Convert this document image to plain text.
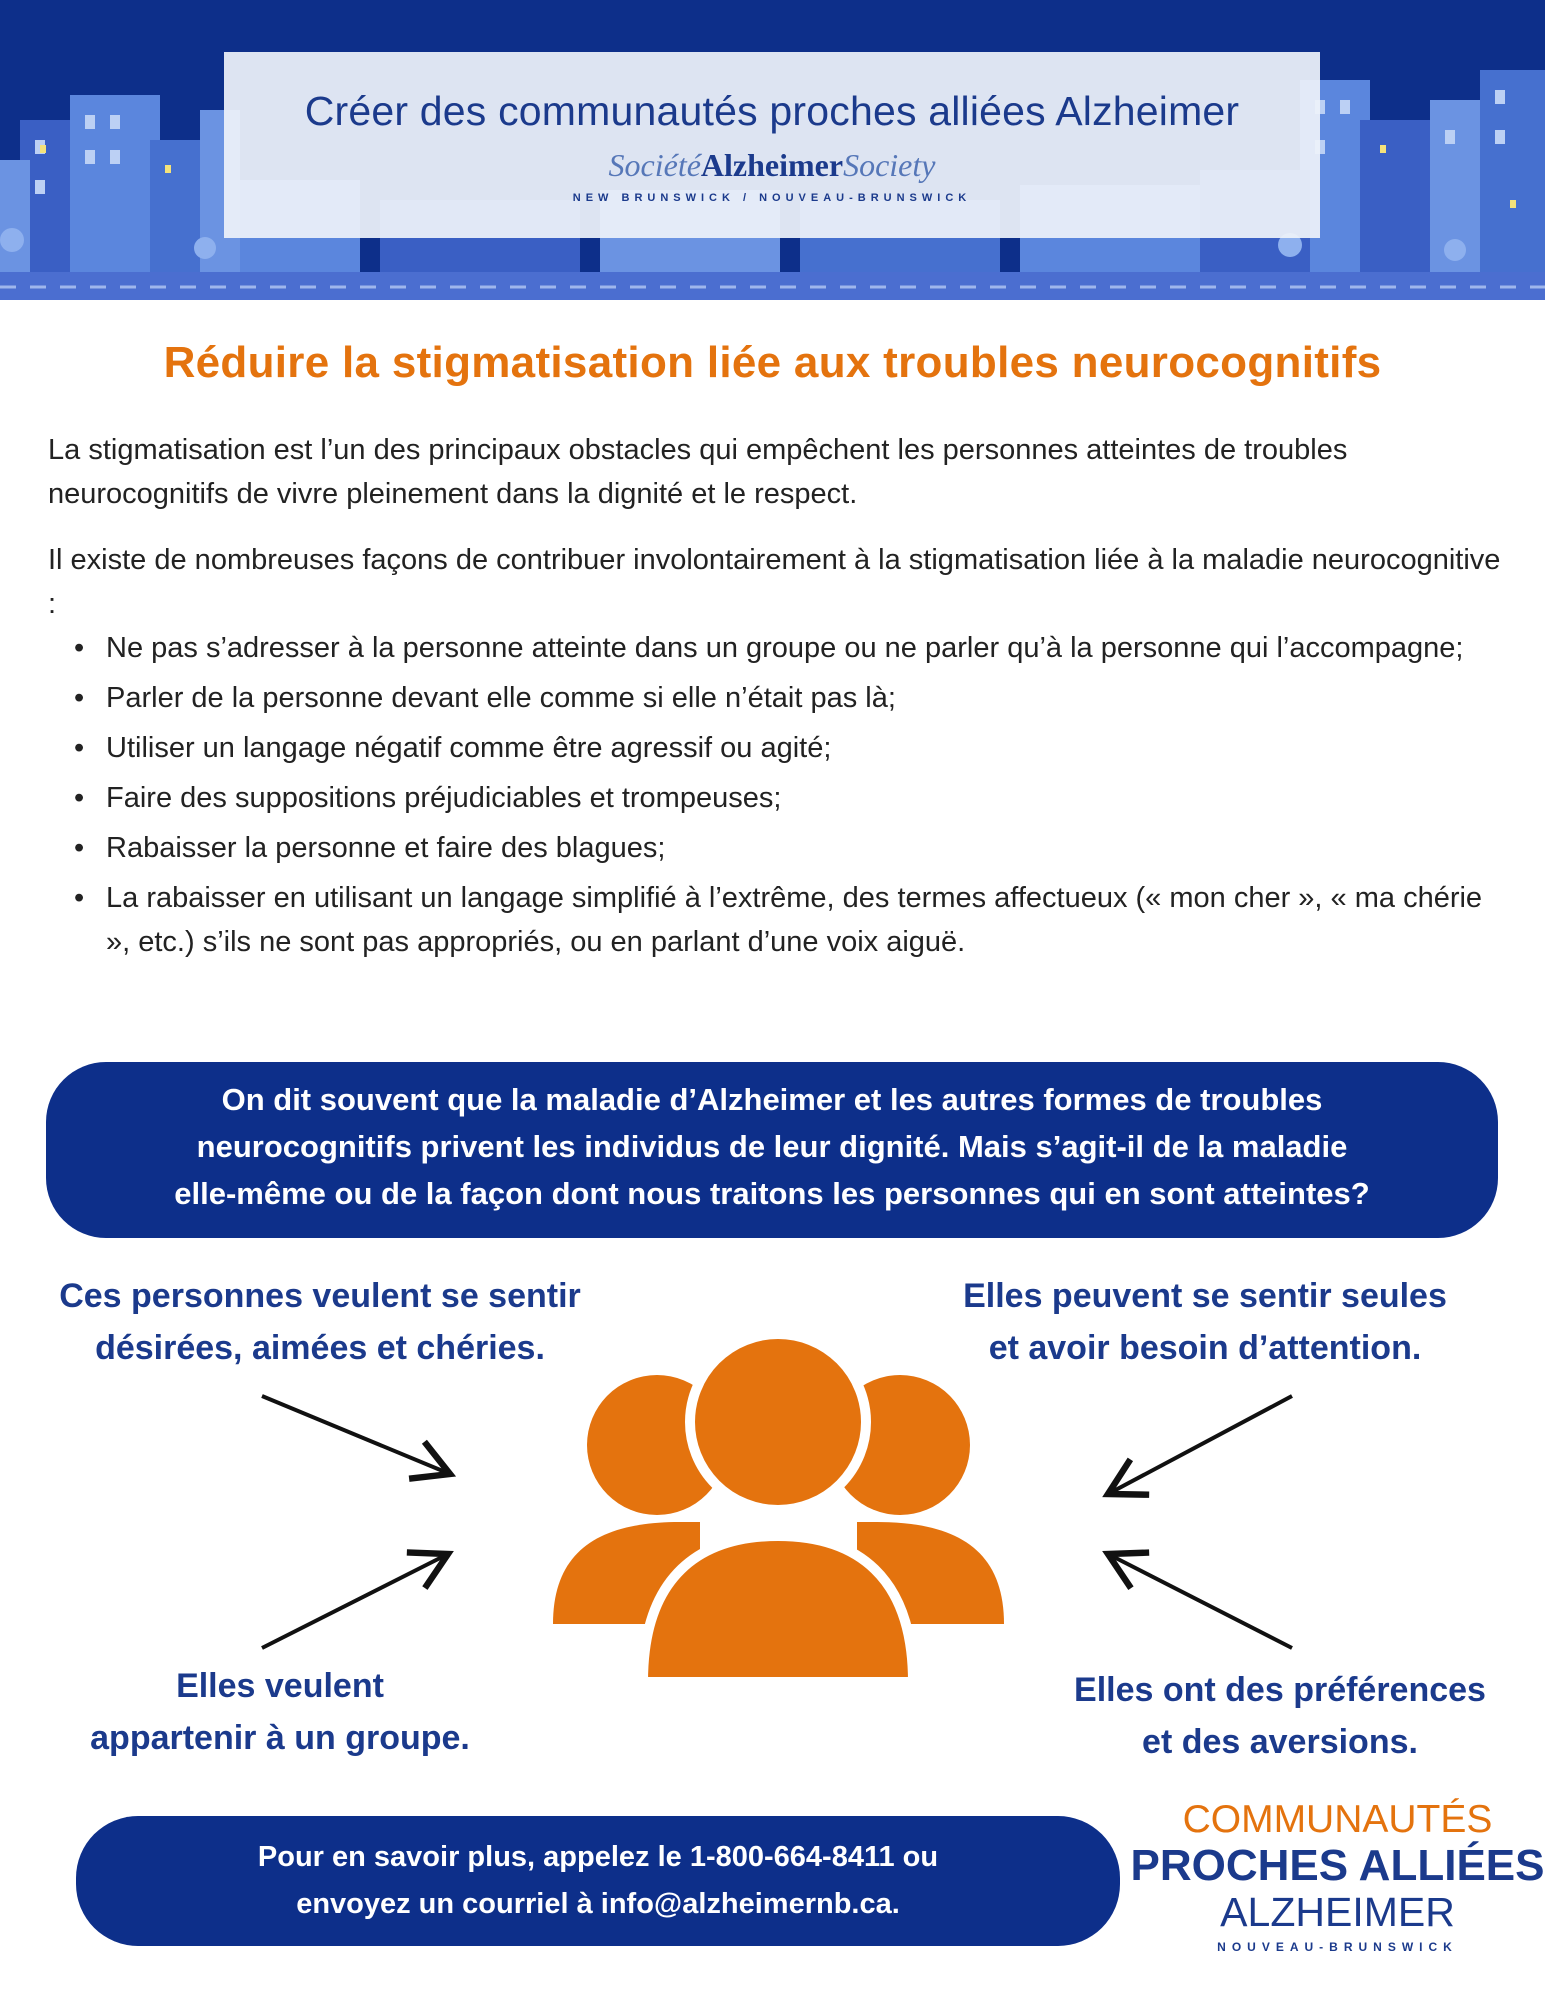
Créer des communautés proches alliées Alzheimer
SociétéAlzheimerSociety
NEW BRUNSWICK / NOUVEAU-BRUNSWICK
Réduire la stigmatisation liée aux troubles neurocognitifs

La stigmatisation est l’un des principaux obstacles qui empêchent les personnes atteintes de troubles neurocognitifs de vivre pleinement dans la dignité et le respect.

Il existe de nombreuses façons de contribuer involontairement à la stigmatisation liée à la maladie neurocognitive :

• Ne pas s’adresser à la personne atteinte dans un groupe ou ne parler qu’à la personne qui l’accompagne;
• Parler de la personne devant elle comme si elle n’était pas là;
• Utiliser un langage négatif comme être agressif ou agité;
• Faire des suppositions préjudiciables et trompeuses;
• Rabaisser la personne et faire des blagues;
• La rabaisser en utilisant un langage simplifié à l’extrême, des termes affectueux (« mon cher », « ma chérie », etc.) s’ils ne sont pas appropriés, ou en parlant d’une voix aiguë.
On dit souvent que la maladie d’Alzheimer et les autres formes de troubles
neurocognitifs privent les individus de leur dignité. Mais s’agit-il de la maladie
elle-même ou de la façon dont nous traitons les personnes qui en sont atteintes?
Ces personnes veulent se sentir
désirées, aimées et chéries.
Elles peuvent se sentir seules
et avoir besoin d’attention.
Elles veulent
appartenir à un groupe.
Elles ont des préférences
et des aversions.
Pour en savoir plus, appelez le 1-800-664-8411 ou
envoyez un courriel à info@alzheimernb.ca.
COMMUNAUTÉS
PROCHES ALLIÉES
ALZHEIMER
NOUVEAU-BRUNSWICK
